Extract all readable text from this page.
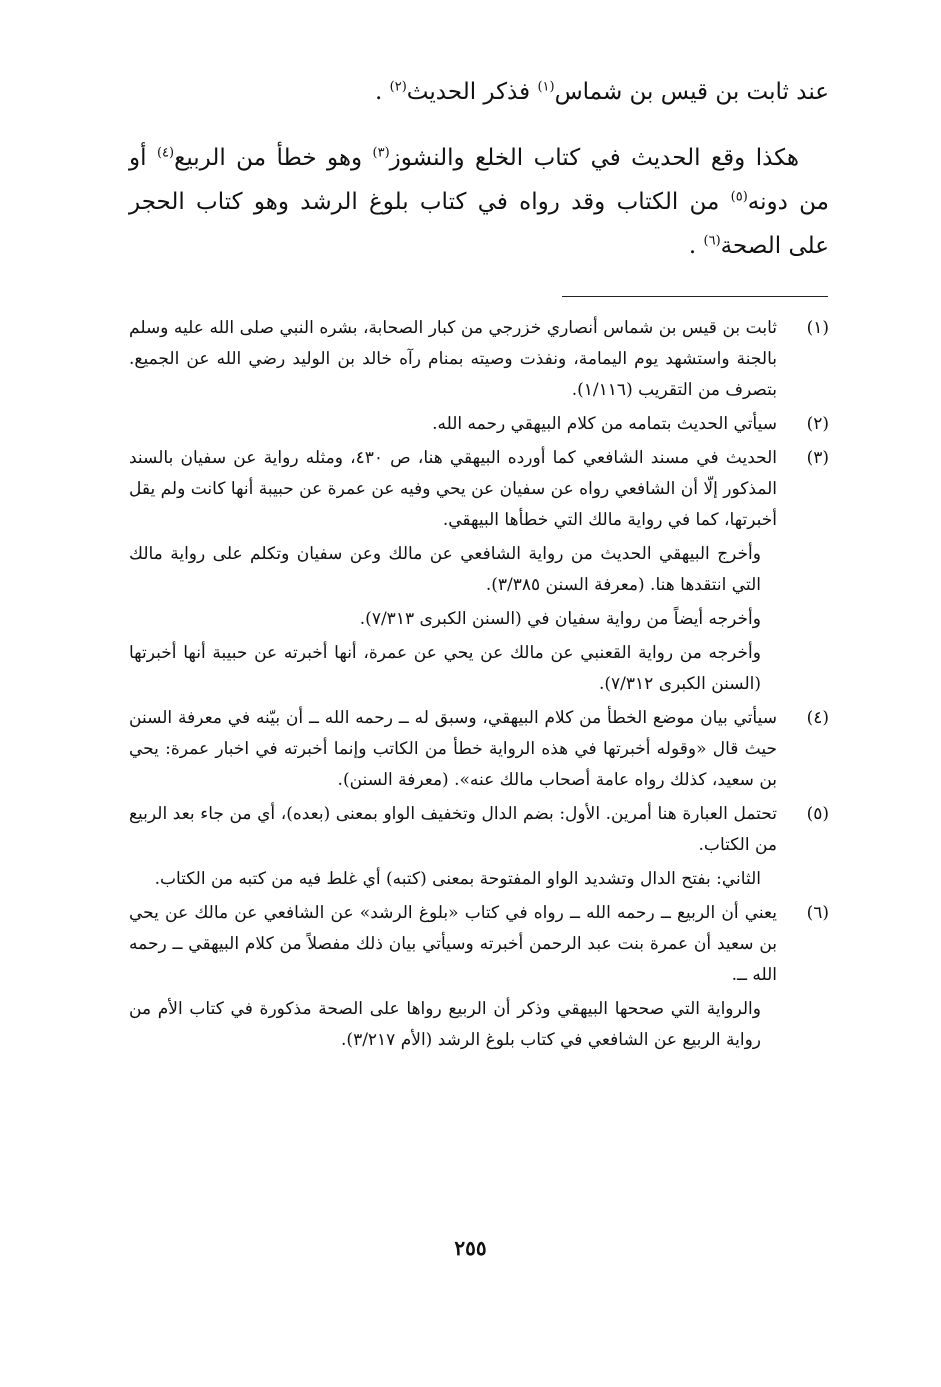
عند ثابت بن قيس بن شماس$^{(١)}$ فذكر الحديث$^{(٢)}$ .

هكذا وقع الحديث في كتاب الخلع والنشوز$^{(٣)}$ وهو خطأ من الربيع$^{(٤)}$ أو من دونه$^{(٥)}$ من الكتاب وقد رواه في كتاب بلوغ الرشد وهو كتاب الحجر على الصحة$^{(٦)}$ .

(١)

ثابت بن قيس بن شماس أنصاري خزرجي من كبار الصحابة، بشره النبي صلى الله عليه وسلم بالجنة واستشهد يوم اليمامة، ونفذت وصيته بمنام رآه خالد بن الوليد رضي الله عن الجميع. بتصرف من التقريب (١/١١٦).

(٢)

سيأتي الحديث بتمامه من كلام البيهقي رحمه الله.

(٣)

الحديث في مسند الشافعي كما أورده البيهقي هنا، ص ٤٣٠، ومثله رواية عن سفيان بالسند المذكور إلّا أن الشافعي رواه عن سفيان عن يحي وفيه عن عمرة عن حبيبة أنها كانت ولم يقل أخبرتها، كما في رواية مالك التي خطأها البيهقي.

وأخرج البيهقي الحديث من رواية الشافعي عن مالك وعن سفيان وتكلم على رواية مالك التي انتقدها هنا. (معرفة السنن ٣/٣٨٥).

وأخرجه أيضاً من رواية سفيان في (السنن الكبرى ٧/٣١٣).

وأخرجه من رواية القعنبي عن مالك عن يحي عن عمرة، أنها أخبرته عن حبيبة أنها أخبرتها (السنن الكبرى ٧/٣١٢).

(٤)

سيأتي بيان موضع الخطأ من كلام البيهقي، وسبق له ــ رحمه الله ــ أن بيّنه في معرفة السنن حيث قال «وقوله أخبرتها في هذه الرواية خطأ من الكاتب وإنما أخبرته في اخبار عمرة: يحي بن سعيد، كذلك رواه عامة أصحاب مالك عنه». (معرفة السنن).

(٥)

تحتمل العبارة هنا أمرين. الأول: بضم الدال وتخفيف الواو بمعنى (بعده)، أي من جاء بعد الربيع من الكتاب.

الثاني: بفتح الدال وتشديد الواو المفتوحة بمعنى (كتبه) أي غلط فيه من كتبه من الكتاب.

(٦)

يعني أن الربيع ــ رحمه الله ــ رواه في كتاب «بلوغ الرشد» عن الشافعي عن مالك عن يحي بن سعيد أن عمرة بنت عبد الرحمن أخبرته وسيأتي بيان ذلك مفصلاً من كلام البيهقي ــ رحمه الله ــ.

والرواية التي صححها البيهقي وذكر أن الربيع رواها على الصحة مذكورة في كتاب الأم من رواية الربيع عن الشافعي في كتاب بلوغ الرشد (الأم ٣/٢١٧).

٢٥٥
